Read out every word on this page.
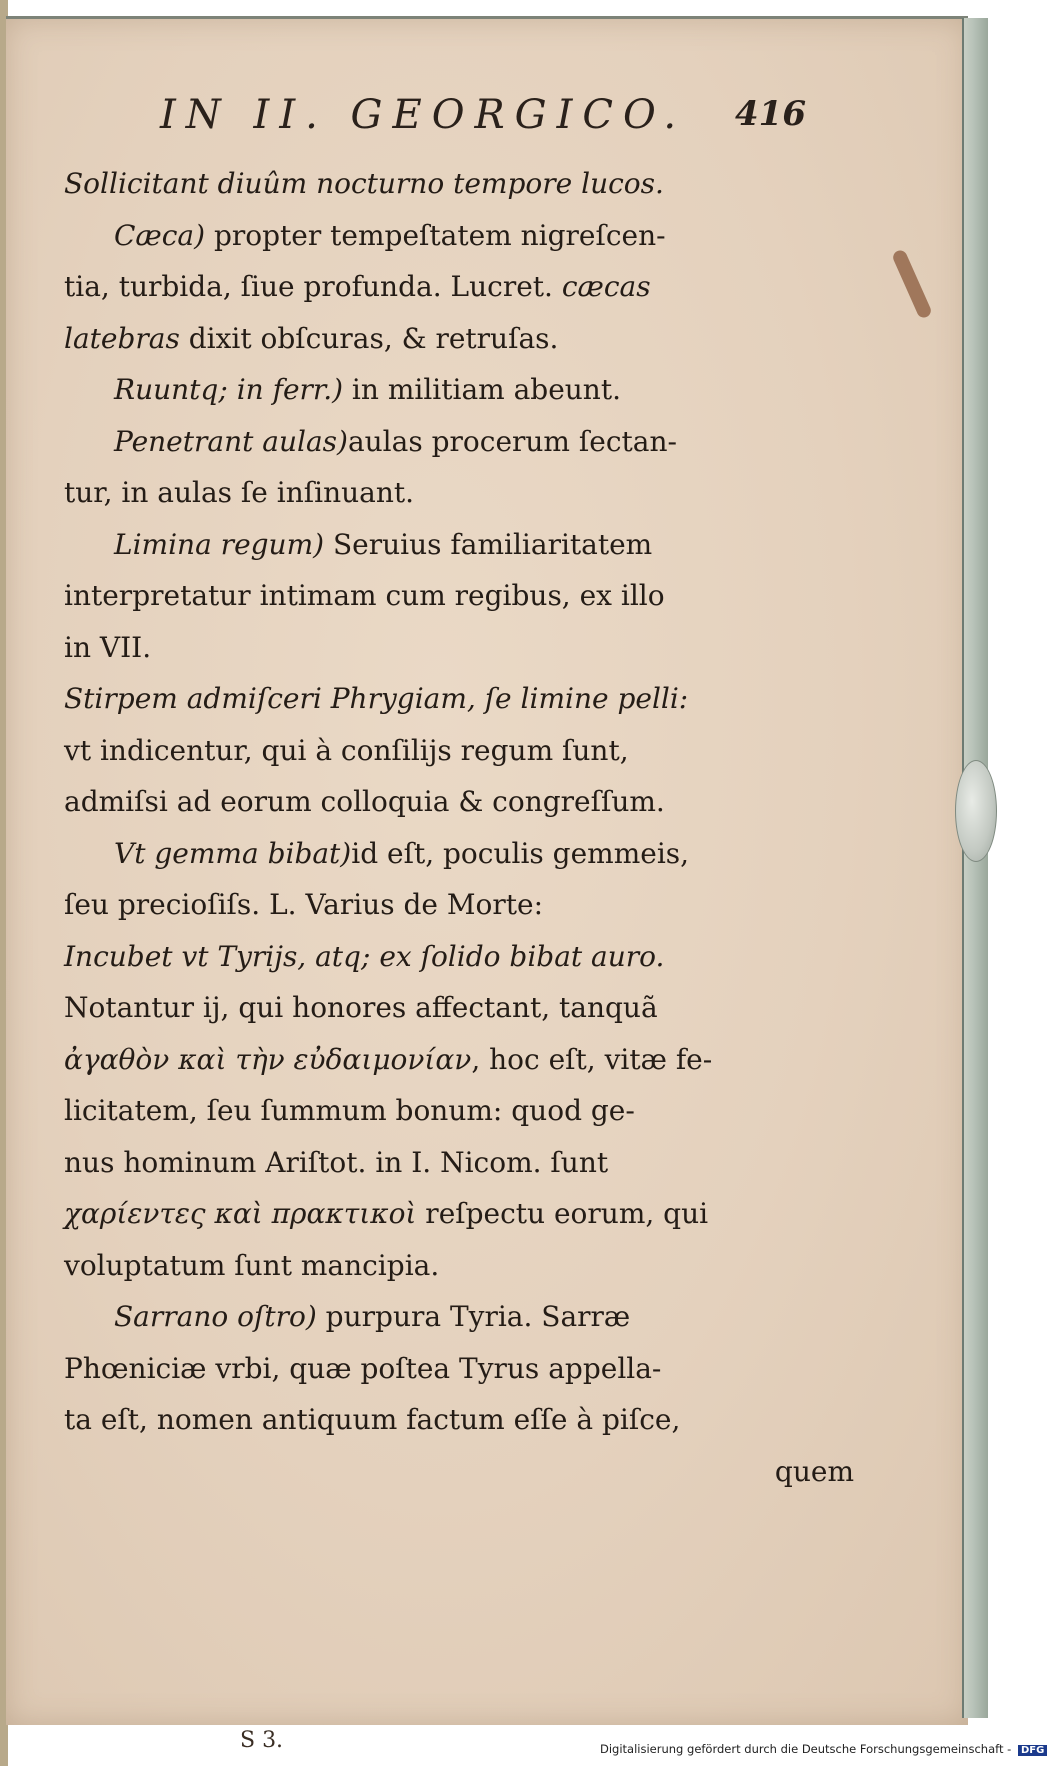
IN II. GEORGICO.	416
Sollicitant diuûm nocturno tempore lucos.
Cæca) propter tempeſtatem nigreſcen-
tia, turbida, ſiue profunda. Lucret. cæcas
latebras dixit obſcuras, & retruſas.
Ruuntq; in ferr.) in militiam abeunt.
Penetrant aulas)aulas procerum ſectan-
tur, in aulas ſe inſinuant.
Limina regum) Seruius familiaritatem
interpretatur intimam cum regibus, ex illo
in VII.
Stirpem admiſceri Phrygiam, ſe limine pelli:
vt indicentur, qui à conſilijs regum ſunt,
admiſsi ad eorum colloquia & congreſſum.
Vt gemma bibat)id eſt, poculis gemmeis,
ſeu precioſiſs. L. Varius de Morte:
Incubet vt Tyrijs, atq; ex ſolido bibat auro.
Notantur ij, qui honores affectant, tanquã
ἀγαθὸν καὶ τὴν εὐδαιμονίαν, hoc eſt, vitæ fe-
licitatem, ſeu ſummum bonum: quod ge-
nus hominum Ariſtot. in I. Nicom. ſunt
χαρίεντες καὶ πρακτικοὶ reſpectu eorum, qui
voluptatum ſunt mancipia.
Sarrano oſtro) purpura Tyria. Sarræ
Phœniciæ vrbi, quæ poſtea Tyrus appella-
ta eſt, nomen antiquum factum eſſe à piſce,
quem
S 3.	Digitalisierung gefördert durch die Deutsche Forschungsgemeinschaft - DFG
